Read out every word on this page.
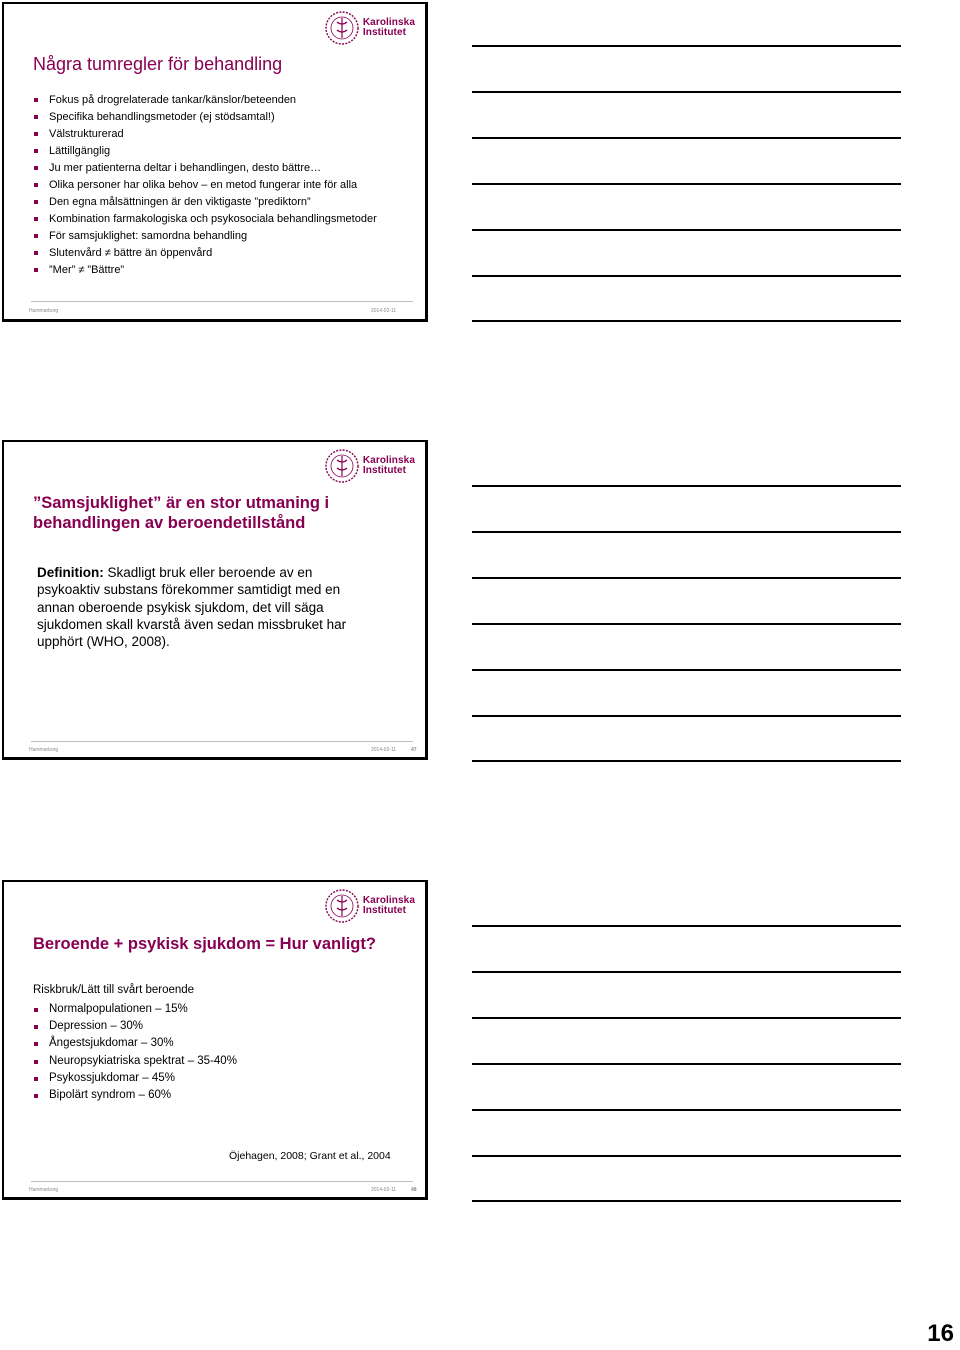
Karolinska
Institutet
Några tumregler för behandling
Fokus på drogrelaterade tankar/känslor/beteenden
Specifika behandlingsmetoder (ej stödsamtal!)
Välstrukturerad
Lättillgänglig
Ju mer patienterna deltar i behandlingen, desto bättre…
Olika personer har olika behov – en metod fungerar inte för alla
Den egna målsättningen är den viktigaste ”prediktorn”
Kombination farmakologiska och psykosociala behandlingsmetoder
För samsjuklighet: samordna behandling
Slutenvård ≠ bättre än öppenvård
”Mer” ≠ ”Bättre”
Hammarborg	2014-02-11
Karolinska
Institutet
”Samsjuklighet” är en stor utmaning i behandlingen av beroendetillstånd
Definition: Skadligt bruk eller beroende av en psykoaktiv substans förekommer samtidigt med en annan oberoende psykisk sjukdom, det vill säga sjukdomen skall kvarstå även sedan missbruket har upphört (WHO, 2008).
Hammarborg	2014-02-11	47
Karolinska
Institutet
Beroende + psykisk sjukdom = Hur vanligt?
Riskbruk/Lätt till svårt beroende
Normalpopulationen – 15%
Depression – 30%
Ångestsjukdomar – 30%
Neuropsykiatriska spektrat – 35-40%
Psykossjukdomar – 45%
Bipolärt syndrom – 60%
Öjehagen, 2008; Grant et al., 2004
Hammarborg	2014-02-11	48
16
